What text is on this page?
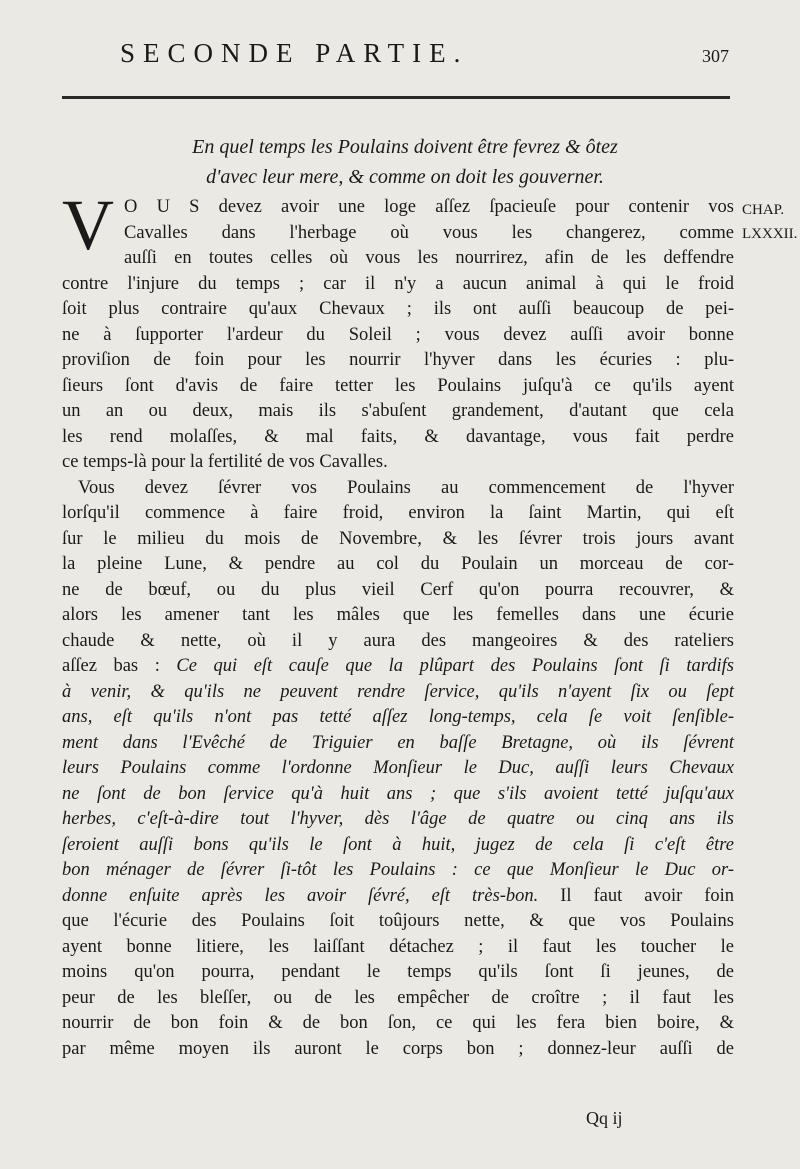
SECONDE PARTIE.	307
En quel temps les Poulains doivent être fevrez & ôtez
d'avec leur mere, & comme on doit les gouverner.
CHAP.
LXXXII.
V O U S devez avoir une loge aſſez ſpacieuſe pour contenir vos
Cavalles dans l'herbage où vous les changerez, comme
auſſi en toutes celles où vous les nourrirez, afin de les deffendre
contre l'injure du temps ; car il n'y a aucun animal à qui le froid
ſoit plus contraire qu'aux Chevaux ; ils ont auſſi beaucoup de pei-
ne à ſupporter l'ardeur du Soleil ; vous devez auſſi avoir bonne
proviſion de foin pour les nourrir l'hyver dans les écuries : plu-
ſieurs ſont d'avis de faire tetter les Poulains juſqu'à ce qu'ils ayent
un an ou deux, mais ils s'abuſent grandement, d'autant que cela
les rend molaſſes, & mal faits, & davantage, vous fait perdre
ce temps-là pour la fertilité de vos Cavalles.
Vous devez ſévrer vos Poulains au commencement de l'hyver
lorſqu'il commence à faire froid, environ la ſaint Martin, qui eſt
ſur le milieu du mois de Novembre, & les ſévrer trois jours avant
la pleine Lune, & pendre au col du Poulain un morceau de cor-
ne de bœuf, ou du plus vieil Cerf qu'on pourra recouvrer, &
alors les amener tant les mâles que les femelles dans une écurie
chaude & nette, où il y aura des mangeoires & des rateliers
aſſez bas : Ce qui eſt cauſe que la plûpart des Poulains ſont ſi tardifs
à venir, & qu'ils ne peuvent rendre ſervice, qu'ils n'ayent ſix ou ſept
ans, eſt qu'ils n'ont pas tetté aſſez long-temps, cela ſe voit ſenſible-
ment dans l'Evêché de Triguier en baſſe Bretagne, où ils ſévrent
leurs Poulains comme l'ordonne Monſieur le Duc, auſſi leurs Chevaux
ne ſont de bon ſervice qu'à huit ans ; que s'ils avoient tetté juſqu'aux
herbes, c'eſt-à-dire tout l'hyver, dès l'âge de quatre ou cinq ans ils
ſeroient auſſi bons qu'ils le ſont à huit, jugez de cela ſi c'eſt être
bon ménager de ſévrer ſi-tôt les Poulains : ce que Monſieur le Duc or-
donne enſuite après les avoir ſévré, eſt très-bon. Il faut avoir foin
que l'écurie des Poulains ſoit toûjours nette, & que vos Poulains
ayent bonne litiere, les laiſſant détachez ; il faut les toucher le
moins qu'on pourra, pendant le temps qu'ils ſont ſi jeunes, de
peur de les bleſſer, ou de les empêcher de croître ; il faut les
nourrir de bon foin & de bon ſon, ce qui les fera bien boire, &
par même moyen ils auront le corps bon ; donnez-leur auſſi de
Qq ij
